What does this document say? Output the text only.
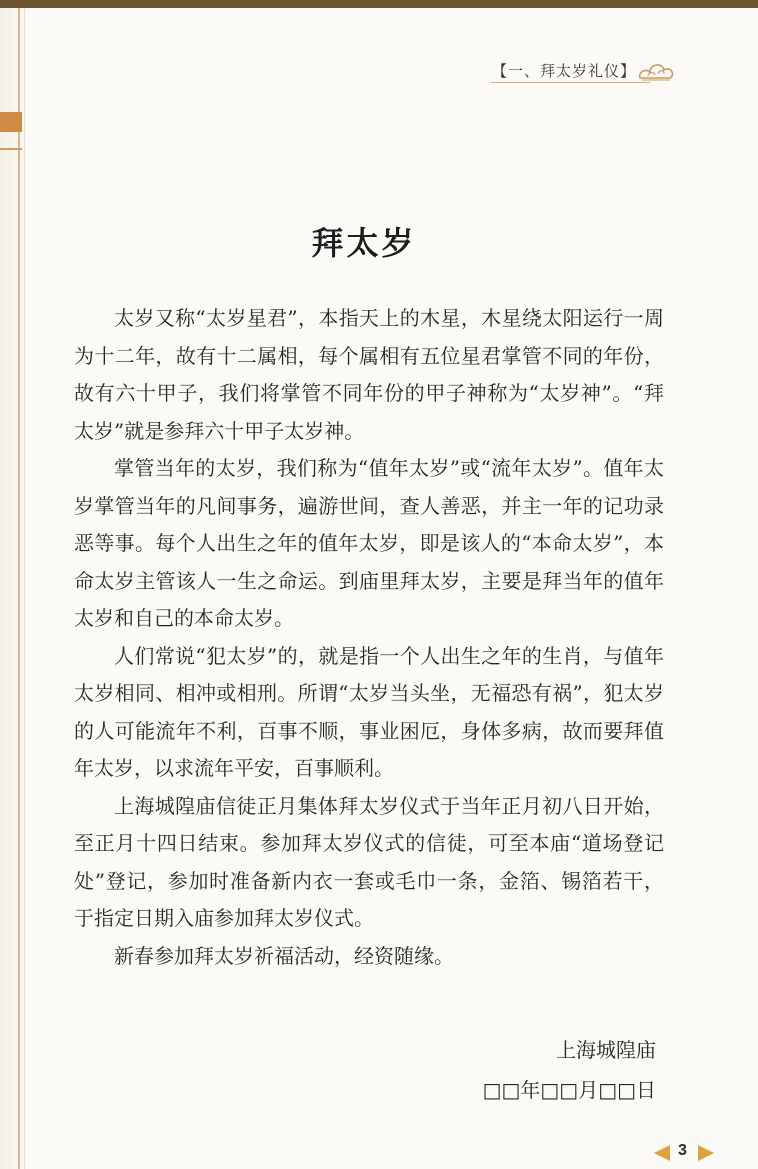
【一、拜太岁礼仪】
拜太岁

太岁又称“太岁星君”，本指天上的木星，木星绕太阳运行一周为十二年，故有十二属相，每个属相有五位星君掌管不同的年份，故有六十甲子，我们将掌管不同年份的甲子神称为“太岁神”。“拜太岁”就是参拜六十甲子太岁神。

掌管当年的太岁，我们称为“值年太岁”或“流年太岁”。值年太岁掌管当年的凡间事务，遍游世间，查人善恶，并主一年的记功录恶等事。每个人出生之年的值年太岁，即是该人的“本命太岁”，本命太岁主管该人一生之命运。到庙里拜太岁，主要是拜当年的值年太岁和自己的本命太岁。

人们常说“犯太岁”的，就是指一个人出生之年的生肖，与值年太岁相同、相冲或相刑。所谓“太岁当头坐，无福恐有祸”，犯太岁的人可能流年不利，百事不顺，事业困厄，身体多病，故而要拜值年太岁，以求流年平安，百事顺利。

上海城隍庙信徒正月集体拜太岁仪式于当年正月初八日开始，至正月十四日结束。参加拜太岁仪式的信徒，可至本庙“道场登记处”登记，参加时准备新内衣一套或毛巾一条，金箔、锡箔若干，于指定日期入庙参加拜太岁仪式。

新春参加拜太岁祈福活动，经资随缘。

上海城隍庙
□□年□□月□□日
3
